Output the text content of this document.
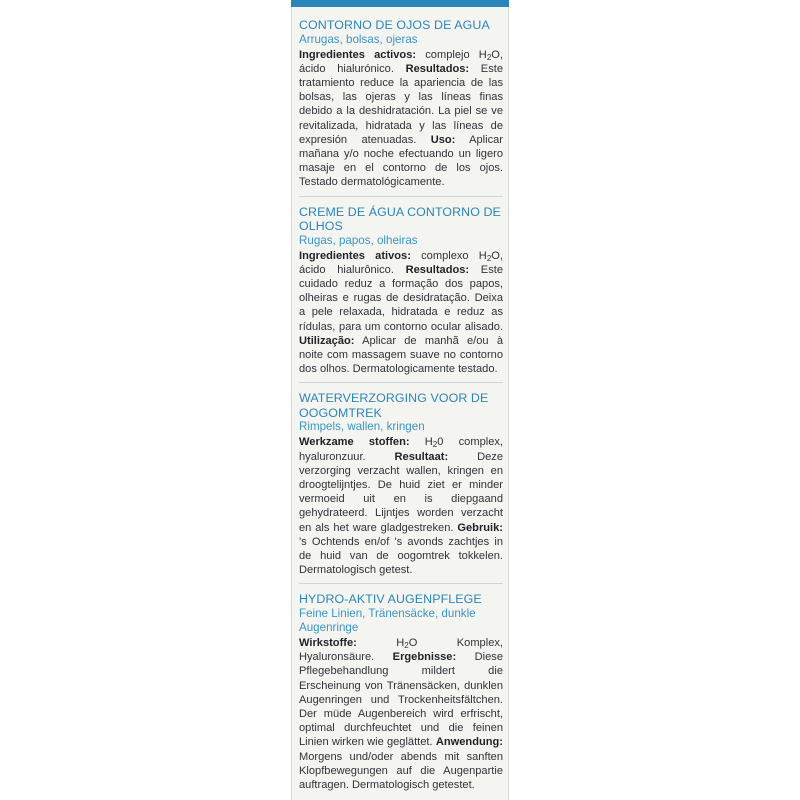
CONTORNO DE OJOS DE AGUA
Arrugas, bolsas, ojeras
Ingredientes activos: complejo $H_2O$, ácido hialurónico. Resultados: Este tratamiento reduce la apariencia de las bolsas, las ojeras y las líneas finas debido a la deshidratación. La piel se ve revitalizada, hidratada y las líneas de expresión atenuadas. Uso: Aplicar mañana y/o noche efectuando un ligero masaje en el contorno de los ojos. Testado dermatológicamente.
CREME DE ÁGUA CONTORNO DE OLHOS
Rugas, papos, olheiras
Ingredientes ativos: complexo $H_2O$, ácido hialurônico. Resultados: Este cuidado reduz a formação dos papos, olheiras e rugas de desidratação. Deixa a pele relaxada, hidratada e reduz as rídulas, para um contorno ocular alisado. Utilização: Aplicar de manhã e/ou à noite com massagem suave no contorno dos olhos. Dermatologicamente testado.
WATERVERZORGING VOOR DE OOGOMTREK
Rimpels, wallen, kringen
Werkzame stoffen: $H_20$ complex, hyaluronzuur. Resultaat: Deze verzorging verzacht wallen, kringen en droogtelijntjes. De huid ziet er minder vermoeid uit en is diepgaand gehydrateerd. Lijntjes worden verzacht en als het ware gladgestreken. Gebruik: 's Ochtends en/of 's avonds zachtjes in de huid van de oogomtrek tokkelen. Dermatologisch getest.
HYDRO-AKTIV AUGENPFLEGE
Feine Linien, Tränensäcke, dunkle Augenringe
Wirkstoffe: $H_2O$ Komplex, Hyaluronsäure. Ergebnisse: Diese Pflegebehandlung mildert die Erscheinung von Tränensäcken, dunklen Augenringen und Trockenheitsfältchen. Der müde Augenbereich wird erfrischt, optimal durchfeuchtet und die feinen Linien wirken wie geglättet. Anwendung: Morgens und/oder abends mit sanften Klopfbewegungen auf die Augenpartie auftragen. Dermatologisch getestet.
